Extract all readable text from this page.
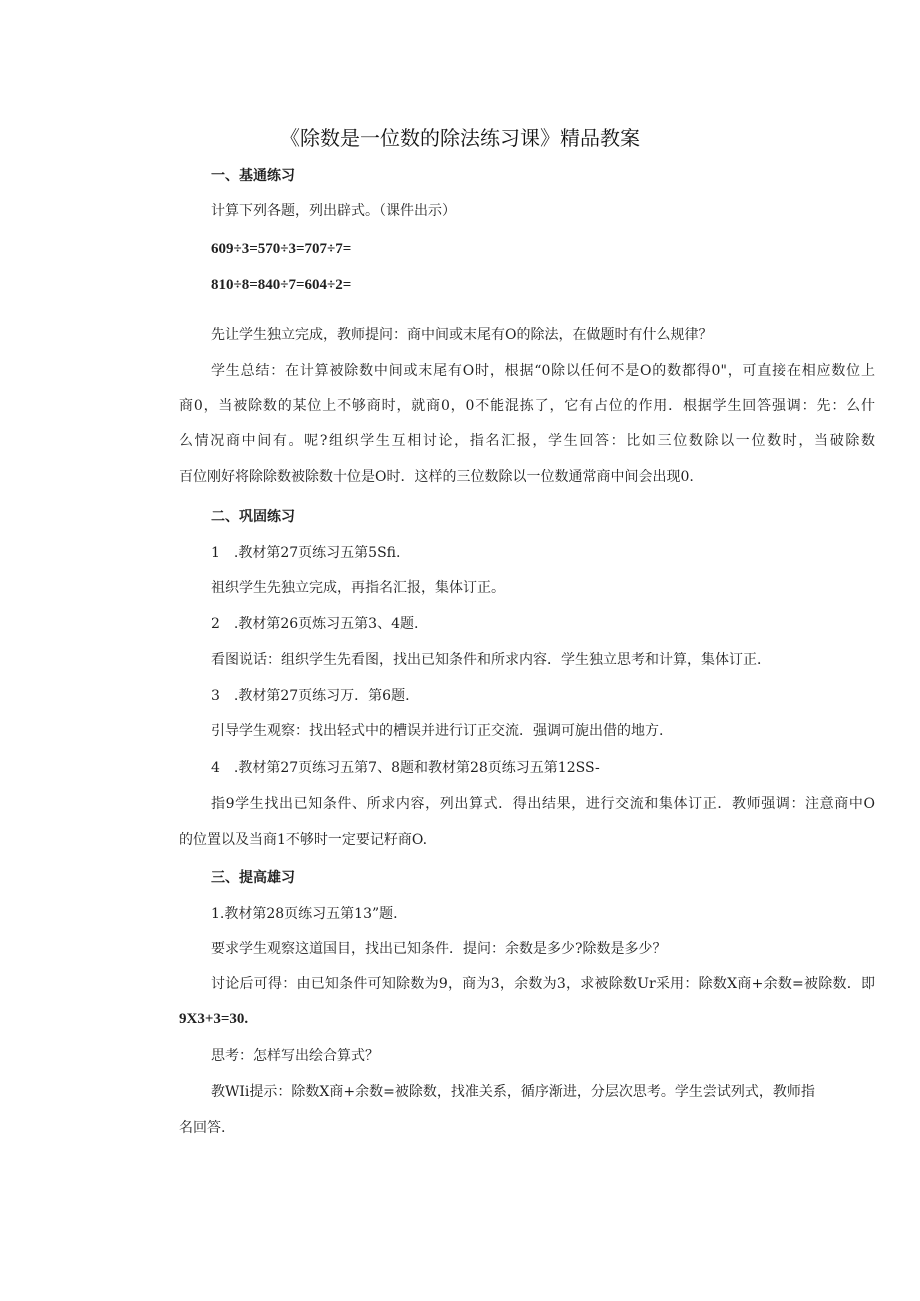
《除数是一位数的除法练习课》精品教案
一、基通练习
计算下列各题，列出辟式。（课件出示）
609÷3=570÷3=707÷7=
810÷8=840÷7=604÷2=
先让学生独立完成，教师提问：商中间或末尾有O的除法，在做题时有什么规律？
学生总结：在计算被除数中间或末尾有O时，根据“0除以任何不是O的数都得0"，可直接在相应数位上
商0，当被除数的某位上不够商时，就商0，0不能混拣了，它有占位的作用．根据学生回答强调：先：么什
么情况商中间有。呢?组织学生互相讨论，指名汇报，学生回答：比如三位数除以一位数时，当破除数
百位刚好将除除数被除数十位是O时．这样的三位数除以一位数通常商中间会出现0.
二、巩固练习
1　.教材第27页练习五第5Sfi.
祖织学生先独立完成，再指名汇报，集体订正。
2　.教材第26页炼习五第3、4题.
看图说话：组织学生先看图，找出已知条件和所求内容．学生独立思考和计算，集体订正．
3　.教材第27页练习万．第6题.
引导学生观察：找出轻式中的槽误并进行订正交流．强调可旎出借的地方.
4　.教材第27页练习五第7、8题和教材第28页练习五第12SS-
指9学生找出已知条件、所求内容，列出算式．得出结果，进行交流和集体订正．教师强调：注意商中O
的位置以及当商1不够时一定要记籽商O.
三、提高雄习
1.教材第28页练习五第13”题.
要求学生观察这道国目，找出已知条件．提问：余数是多少?除数是多少？
讨论后可得：由已知条件可知除数为9，商为3，余数为3，求被除数Ur采用：除数X商+余数=被除数．即
9X3+3=30.
思考：怎样写出绘合算式？
教WIi提示：除数X商+余数=被除数，找准关系，循序渐进，分层次思考。学生尝试列式，教师指
名回答.
